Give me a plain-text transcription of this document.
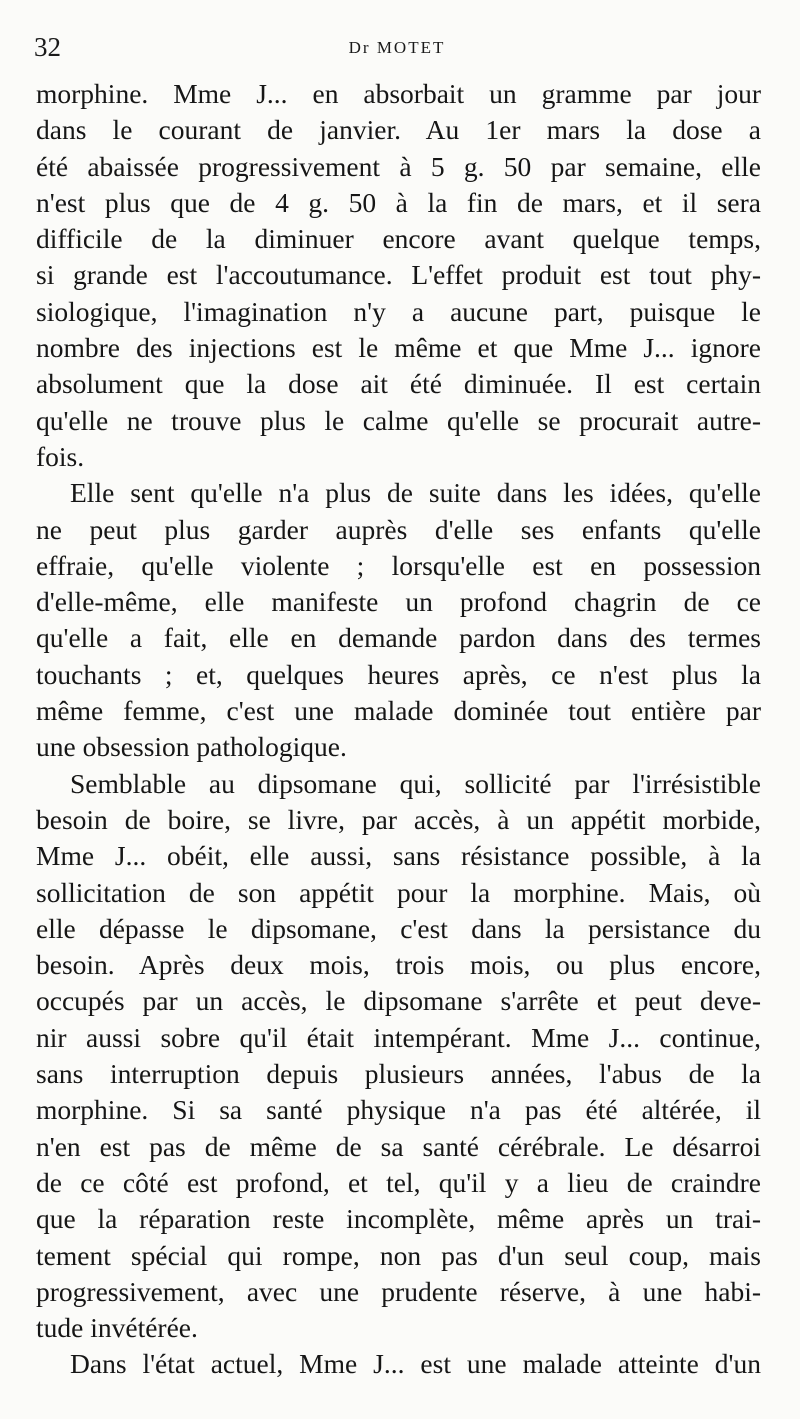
32	Dr MOTET
morphine. Mme J... en absorbait un gramme par jour
dans le courant de janvier. Au 1er mars la dose a
été abaissée progressivement à 5 g. 50 par semaine, elle
n'est plus que de 4 g. 50 à la fin de mars, et il sera
difficile de la diminuer encore avant quelque temps,
si grande est l'accoutumance. L'effet produit est tout phy-
siologique, l'imagination n'y a aucune part, puisque le
nombre des injections est le même et que Mme J... ignore
absolument que la dose ait été diminuée. Il est certain
qu'elle ne trouve plus le calme qu'elle se procurait autre-
fois.
Elle sent qu'elle n'a plus de suite dans les idées, qu'elle
ne peut plus garder auprès d'elle ses enfants qu'elle
effraie, qu'elle violente ; lorsqu'elle est en possession
d'elle-même, elle manifeste un profond chagrin de ce
qu'elle a fait, elle en demande pardon dans des termes
touchants ; et, quelques heures après, ce n'est plus la
même femme, c'est une malade dominée tout entière par
une obsession pathologique.
Semblable au dipsomane qui, sollicité par l'irrésistible
besoin de boire, se livre, par accès, à un appétit morbide,
Mme J... obéit, elle aussi, sans résistance possible, à la
sollicitation de son appétit pour la morphine. Mais, où
elle dépasse le dipsomane, c'est dans la persistance du
besoin. Après deux mois, trois mois, ou plus encore,
occupés par un accès, le dipsomane s'arrête et peut deve-
nir aussi sobre qu'il était intempérant. Mme J... continue,
sans interruption depuis plusieurs années, l'abus de la
morphine. Si sa santé physique n'a pas été altérée, il
n'en est pas de même de sa santé cérébrale. Le désarroi
de ce côté est profond, et tel, qu'il y a lieu de craindre
que la réparation reste incomplète, même après un trai-
tement spécial qui rompe, non pas d'un seul coup, mais
progressivement, avec une prudente réserve, à une habi-
tude invétérée.
Dans l'état actuel, Mme J... est une malade atteinte d'un
